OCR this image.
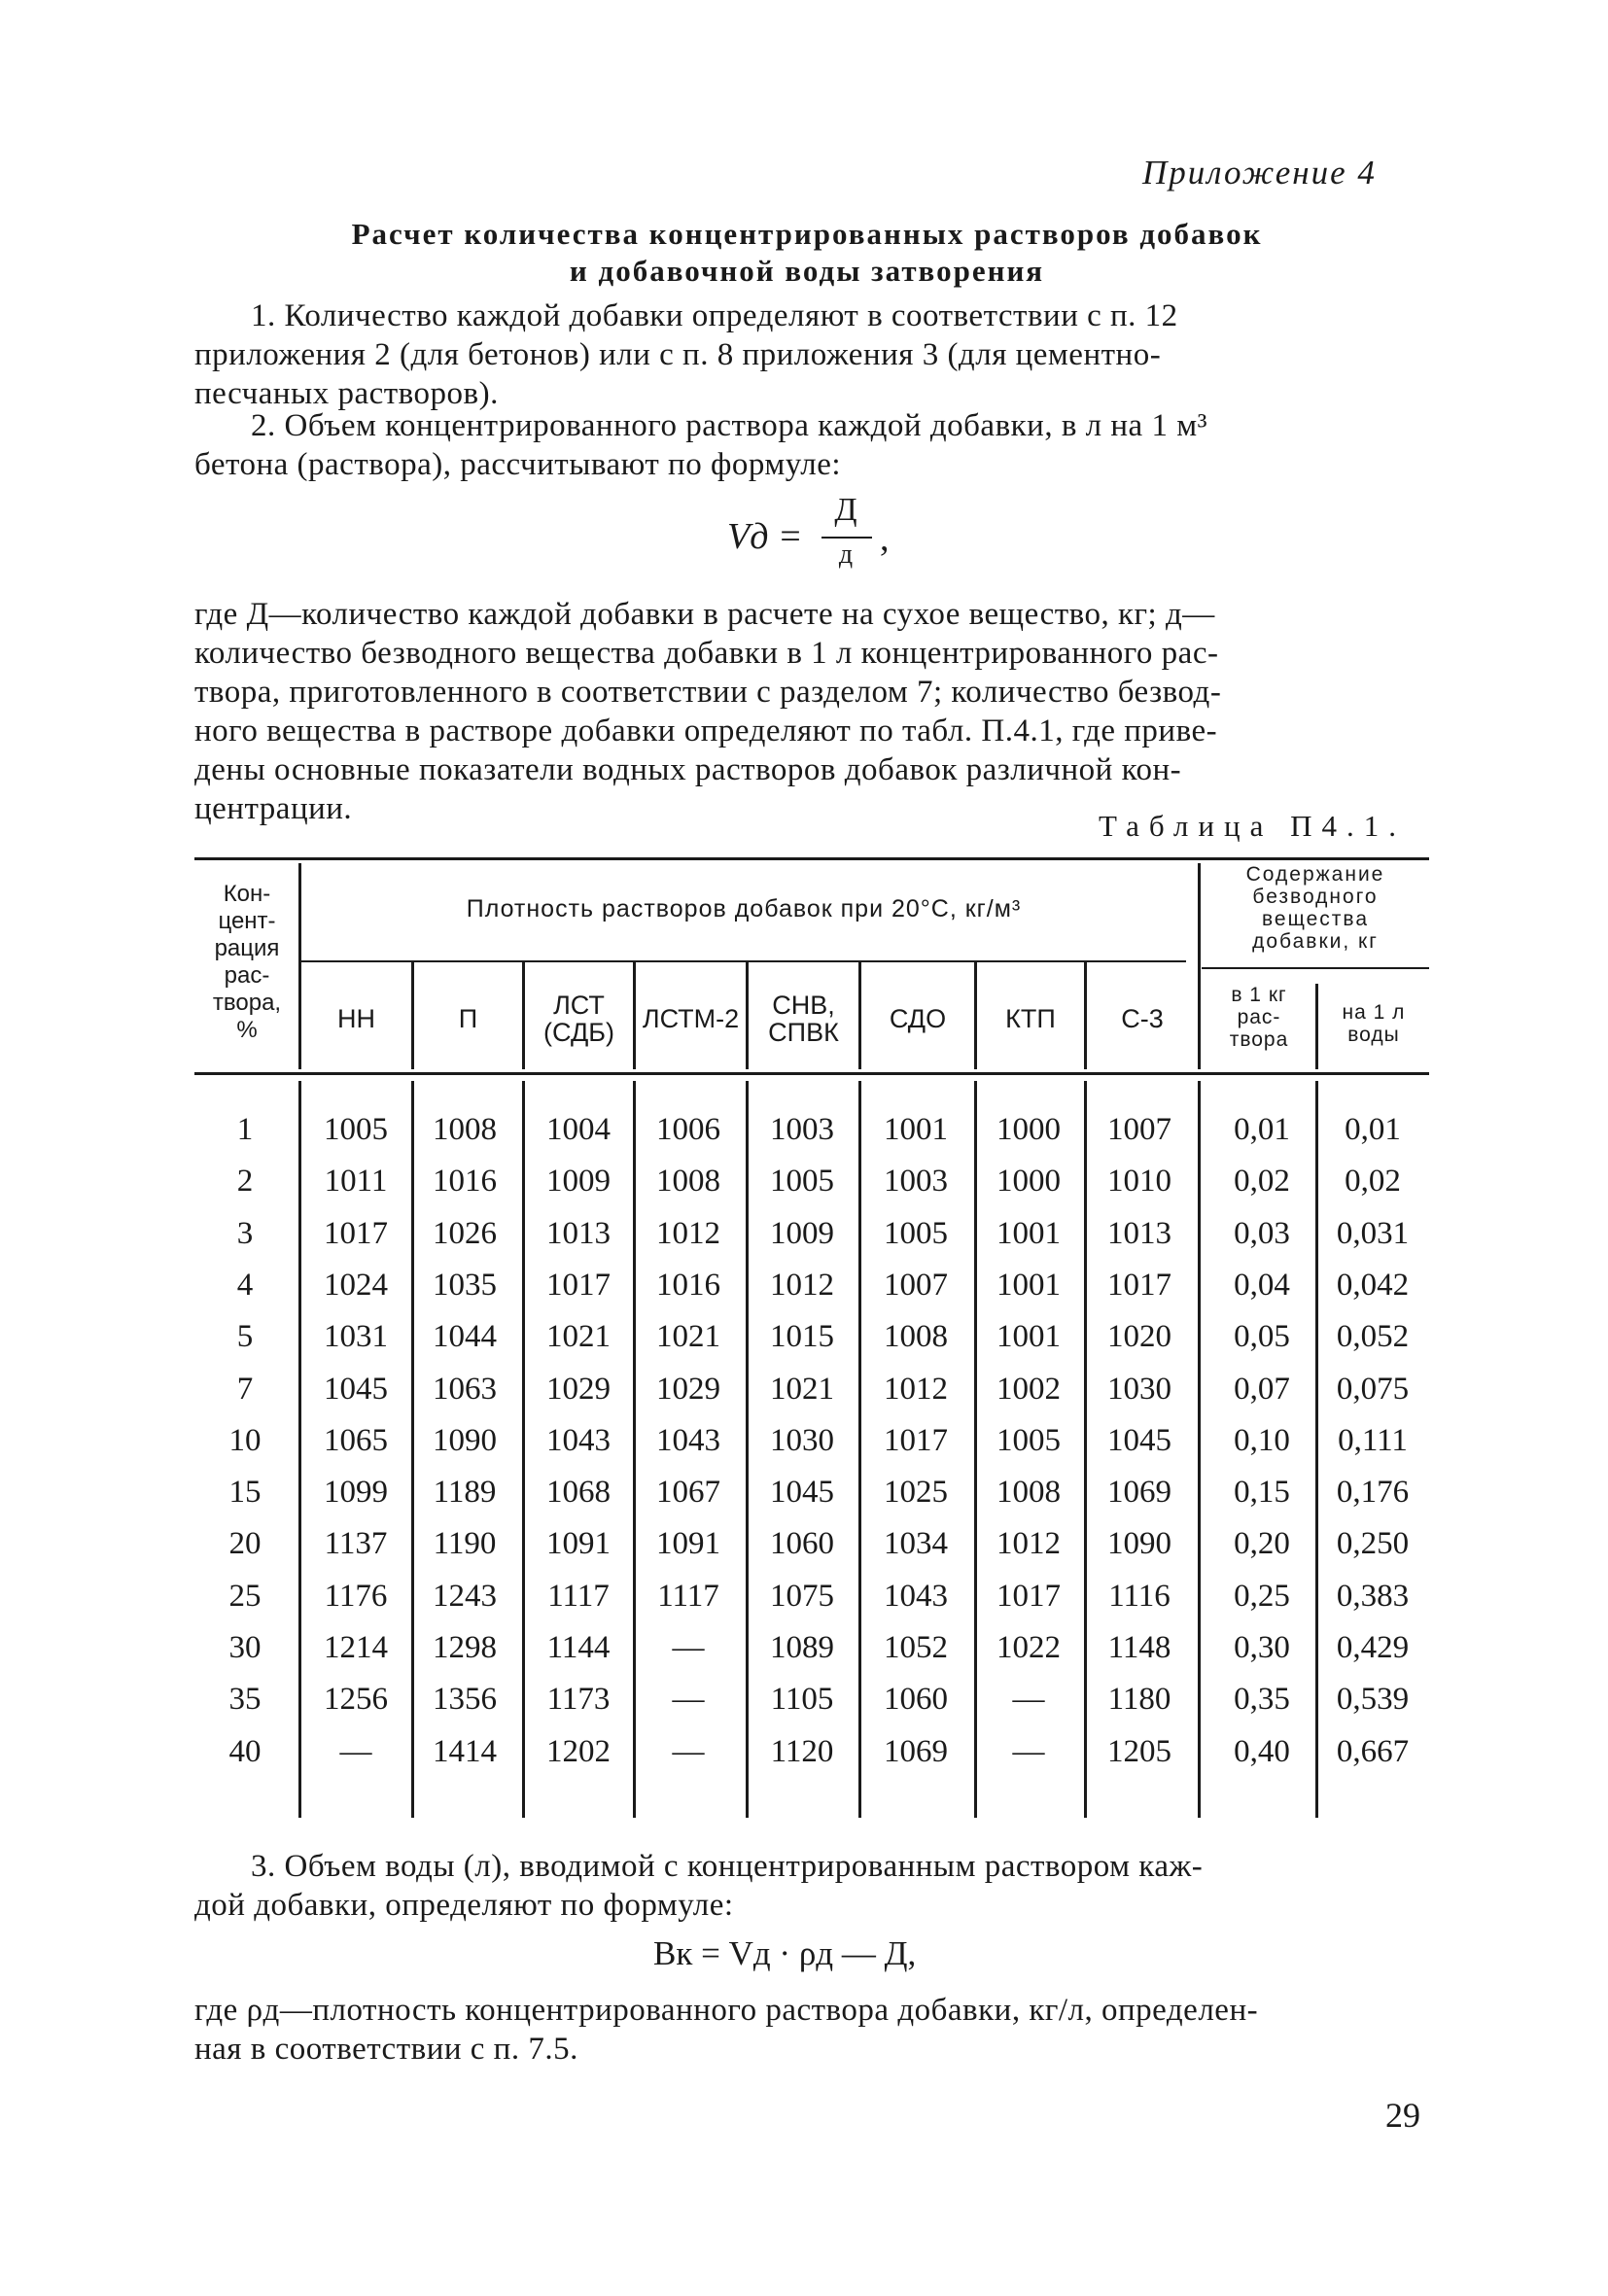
Приложение 4
Расчет количества концентрированных растворов добавок
и добавочной воды затворения
1. Количество каждой добавки определяют в соответствии с п. 12
приложения 2 (для бетонов) или с п. 8 приложения 3 (для цементно-
песчаных растворов).
2. Объем концентрированного раствора каждой добавки, в л на 1 м³
бетона (раствора), рассчитывают по формуле:
Vд =
Д
д ,
где Д—количество каждой добавки в расчете на сухое вещество, кг; д—
количество безводного вещества добавки в 1 л концентрированного рас-
твора, приготовленного в соответствии с разделом 7; количество безвод-
ного вещества в растворе добавки определяют по табл. П.4.1, где приве-
дены основные показатели водных растворов добавок различной кон-
центрации.	Таблица П4.1.
Кон-
цент-
рация
рас-
твора,
%
Плотность растворов добавок при 20°С, кг/м³
Содержание
безводного
вещества
добавки, кг
в 1 кг
рас-
твора
на 1 л
воды
НН	П	ЛСТ (СДБ)	ЛСТМ-2	СНВ, СПВК	СДО	КТП	С-3
1	1005	1008	1004	1006	1003	1001	1000	1007	0,01	0,01
2	1011	1016	1009	1008	1005	1003	1000	1010	0,02	0,02
3	1017	1026	1013	1012	1009	1005	1001	1013	0,03	0,031
4	1024	1035	1017	1016	1012	1007	1001	1017	0,04	0,042
5	1031	1044	1021	1021	1015	1008	1001	1020	0,05	0,052
7	1045	1063	1029	1029	1021	1012	1002	1030	0,07	0,075
10	1065	1090	1043	1043	1030	1017	1005	1045	0,10	0,111
15	1099	1189	1068	1067	1045	1025	1008	1069	0,15	0,176
20	1137	1190	1091	1091	1060	1034	1012	1090	0,20	0,250
25	1176	1243	1117	1117	1075	1043	1017	1116	0,25	0,383
30	1214	1298	1144	—	1089	1052	1022	1148	0,30	0,429
35	1256	1356	1173	—	1105	1060	—	1180	0,35	0,539
40	—	1414	1202	—	1120	1069	—	1205	0,40	0,667
3. Объем воды (л), вводимой с концентрированным раствором каж-
дой добавки, определяют по формуле:
Вк = Vд · ρд — Д,
где ρд—плотность концентрированного раствора добавки, кг/л, определен-
ная в соответствии с п. 7.5.
29
